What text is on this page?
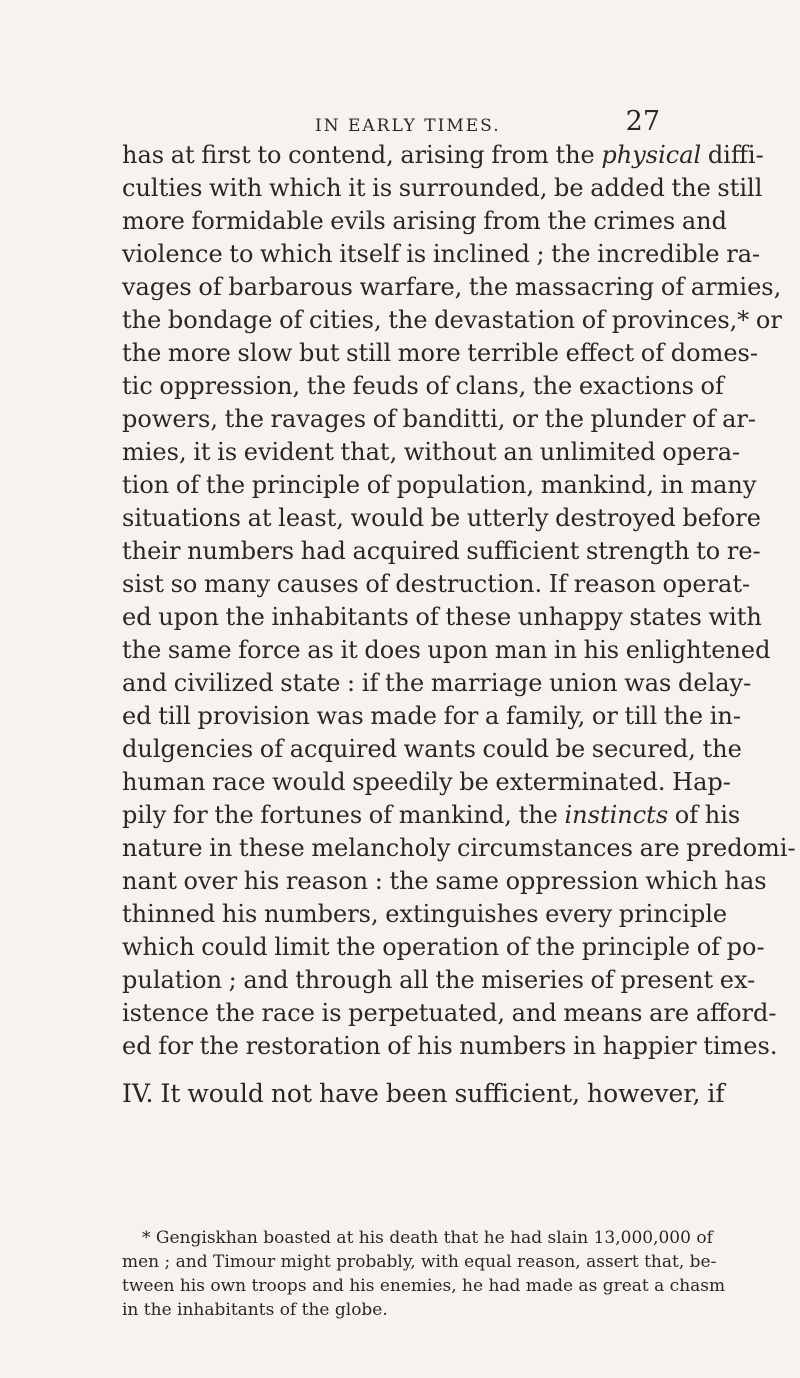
IN EARLY TIMES.	27
has at first to contend, arising from the physical diffi-
culties with which it is surrounded, be added the still
more formidable evils arising from the crimes and
violence to which itself is inclined ; the incredible ra-
vages of barbarous warfare, the massacring of armies,
the bondage of cities, the devastation of provinces,* or
the more slow but still more terrible effect of domes-
tic oppression, the feuds of clans, the exactions of
powers, the ravages of banditti, or the plunder of ar-
mies, it is evident that, without an unlimited opera-
tion of the principle of population, mankind, in many
situations at least, would be utterly destroyed before
their numbers had acquired sufficient strength to re-
sist so many causes of destruction. If reason operat-
ed upon the inhabitants of these unhappy states with
the same force as it does upon man in his enlightened
and civilized state : if the marriage union was delay-
ed till provision was made for a family, or till the in-
dulgencies of acquired wants could be secured, the
human race would speedily be exterminated. Hap-
pily for the fortunes of mankind, the instincts of his
nature in these melancholy circumstances are predomi-
nant over his reason : the same oppression which has
thinned his numbers, extinguishes every principle
which could limit the operation of the principle of po-
pulation ; and through all the miseries of present ex-
istence the race is perpetuated, and means are afford-
ed for the restoration of his numbers in happier times.
IV. It would not have been sufficient, however, if
* Gengiskhan boasted at his death that he had slain 13,000,000 of
men ; and Timour might probably, with equal reason, assert that, be-
tween his own troops and his enemies, he had made as great a chasm
in the inhabitants of the globe.
